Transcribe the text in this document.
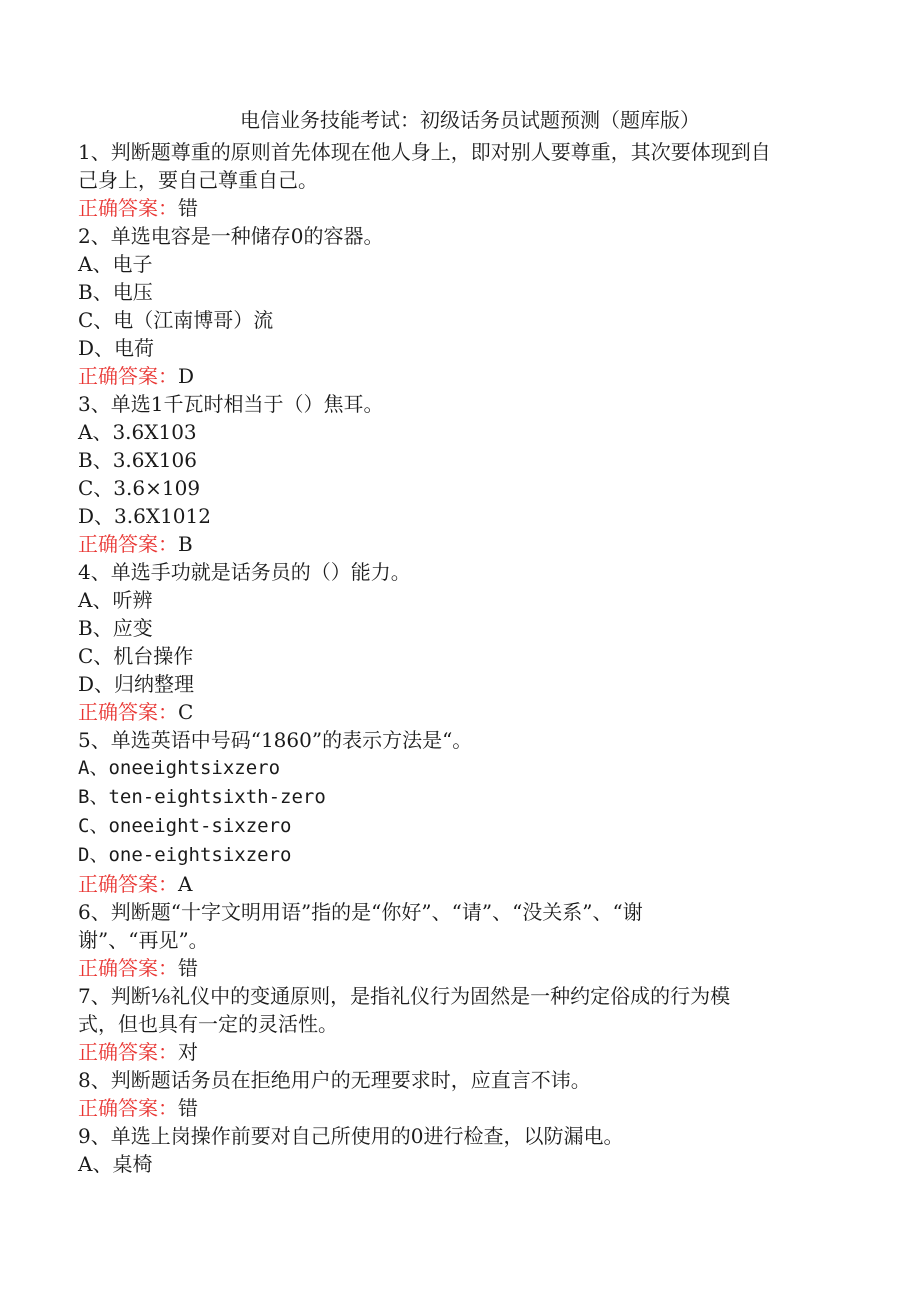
电信业务技能考试：初级话务员试题预测（题库版）
1、判断题尊重的原则首先体现在他人身上，即对别人要尊重，其次要体现到自
己身上，要自己尊重自己。
正确答案：错
2、单选电容是一种储存0的容器。
A、电子
B、电压
C、电（江南博哥）流
D、电荷
正确答案：D
3、单选1千瓦时相当于（）焦耳。
A、3.6X103
B、3.6X106
C、3.6×109
D、3.6X1012
正确答案：B
4、单选手功就是话务员的（）能力。
A、听辨
B、应变
C、机台操作
D、归纳整理
正确答案：C
5、单选英语中号码“1860”的表示方法是“。
A、oneeightsixzero
B、ten-eightsixth-zero
C、oneeight-sixzero
D、one-eightsixzero
正确答案：A
6、判断题“十字文明用语”指的是“你好”、“请”、“没关系”、“谢
谢”、“再见”。
正确答案：错
7、判断⅛礼仪中的变通原则，是指礼仪行为固然是一种约定俗成的行为模
式，但也具有一定的灵活性。
正确答案：对
8、判断题话务员在拒绝用户的无理要求时，应直言不讳。
正确答案：错
9、单选上岗操作前要对自己所使用的0进行检查，以防漏电。
A、桌椅
